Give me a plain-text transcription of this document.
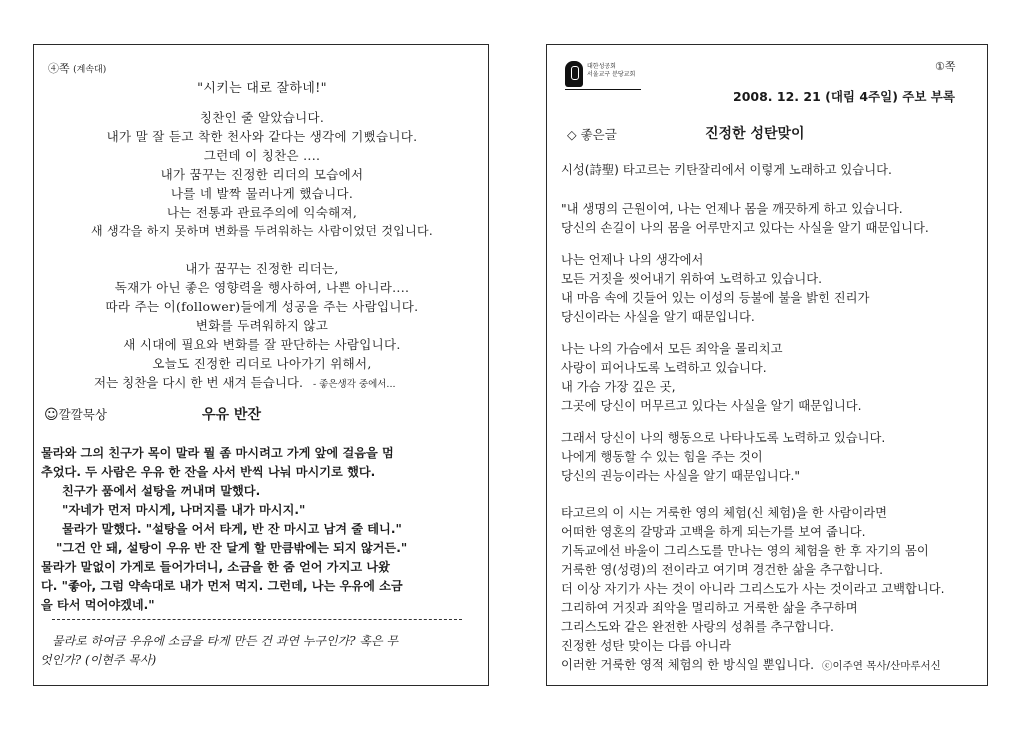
④쪽 (계속대)
"시키는 대로 잘하네!"
칭찬인 줄 알았습니다.
내가 말 잘 듣고 착한 천사와 같다는 생각에 기뻤습니다.
그런데 이 칭찬은 ....
내가 꿈꾸는 진정한 리더의 모습에서
나를 네 발짝 물러나게 했습니다.
나는 전통과 관료주의에 익숙해져,
새 생각을 하지 못하며 변화를 두려워하는 사람이었던 것입니다.
내가 꿈꾸는 진정한 리더는,
독재가 아닌 좋은 영향력을 행사하여, 나쁜 아니라....
따라 주는 이(follower)들에게 성공을 주는 사람입니다.
변화를 두려워하지 않고
새 시대에 필요와 변화를 잘 판단하는 사람입니다.
오늘도 진정한 리더로 나아가기 위해서,
저는 칭찬을 다시 한 번 새겨 듣습니다. - 좋은생각 중에서...
☺깔깔묵상	우유 반잔
물라와 그의 친구가 목이 말라 뭘 좀 마시려고 가게 앞에 걸음을 멈
추었다. 두 사람은 우유 한 잔을 사서 반씩 나눠 마시기로 했다.
친구가 품에서 설탕을 꺼내며 말했다.
"자네가 먼저 마시게, 나머지를 내가 마시지."
물라가 말했다. "설탕을 어서 타게, 반 잔 마시고 남겨 줄 테니."
"그건 안 돼, 설탕이 우유 반 잔 달게 할 만큼밖에는 되지 않거든."
물라가 말없이 가게로 들어가더니, 소금을 한 줌 얻어 가지고 나왔
다. "좋아, 그럼 약속대로 내가 먼저 먹지. 그런데, 나는 우유에 소금
을 타서 먹어야겠네."
물라로 하여금 우유에 소금을 타게 만든 건 과연 누구인가? 혹은 무
엇인가? (이현주 목사)
대한성공회
서울교구 분당교회
①쪽
2008. 12. 21 (대림 4주일) 주보 부록
◇ 좋은글	진정한 성탄맞이
시성(詩聖) 타고르는 키탄잘리에서 이렇게 노래하고 있습니다.
"내 생명의 근원이여, 나는 언제나 몸을 깨끗하게 하고 있습니다.
당신의 손길이 나의 몸을 어루만지고 있다는 사실을 알기 때문입니다.
나는 언제나 나의 생각에서
모든 거짓을 씻어내기 위하여 노력하고 있습니다.
내 마음 속에 깃들어 있는 이성의 등불에 불을 밝힌 진리가
당신이라는 사실을 알기 때문입니다.
나는 나의 가슴에서 모든 죄악을 몰리치고
사랑이 피어나도록 노력하고 있습니다.
내 가슴 가장 깊은 곳,
그곳에 당신이 머무르고 있다는 사실을 알기 때문입니다.
그래서 당신이 나의 행동으로 나타나도록 노력하고 있습니다.
나에게 행동할 수 있는 힘을 주는 것이
당신의 권능이라는 사실을 알기 때문입니다."
타고르의 이 시는 거룩한 영의 체험(신 체험)을 한 사람이라면
어떠한 영혼의 갈망과 고백을 하게 되는가를 보여 줍니다.
기독교에선 바울이 그리스도를 만나는 영의 체험을 한 후 자기의 몸이
거룩한 영(성령)의 전이라고 여기며 경건한 삶을 추구합니다.
더 이상 자기가 사는 것이 아니라 그리스도가 사는 것이라고 고백합니다.
그리하여 거짓과 죄악을 멀리하고 거룩한 삶을 추구하며
그리스도와 같은 완전한 사랑의 성취를 추구합니다.
진정한 성탄 맞이는 다름 아니라
이러한 거룩한 영적 체험의 한 방식일 뿐입니다. ⓒ이주연 목사/산마루서신
